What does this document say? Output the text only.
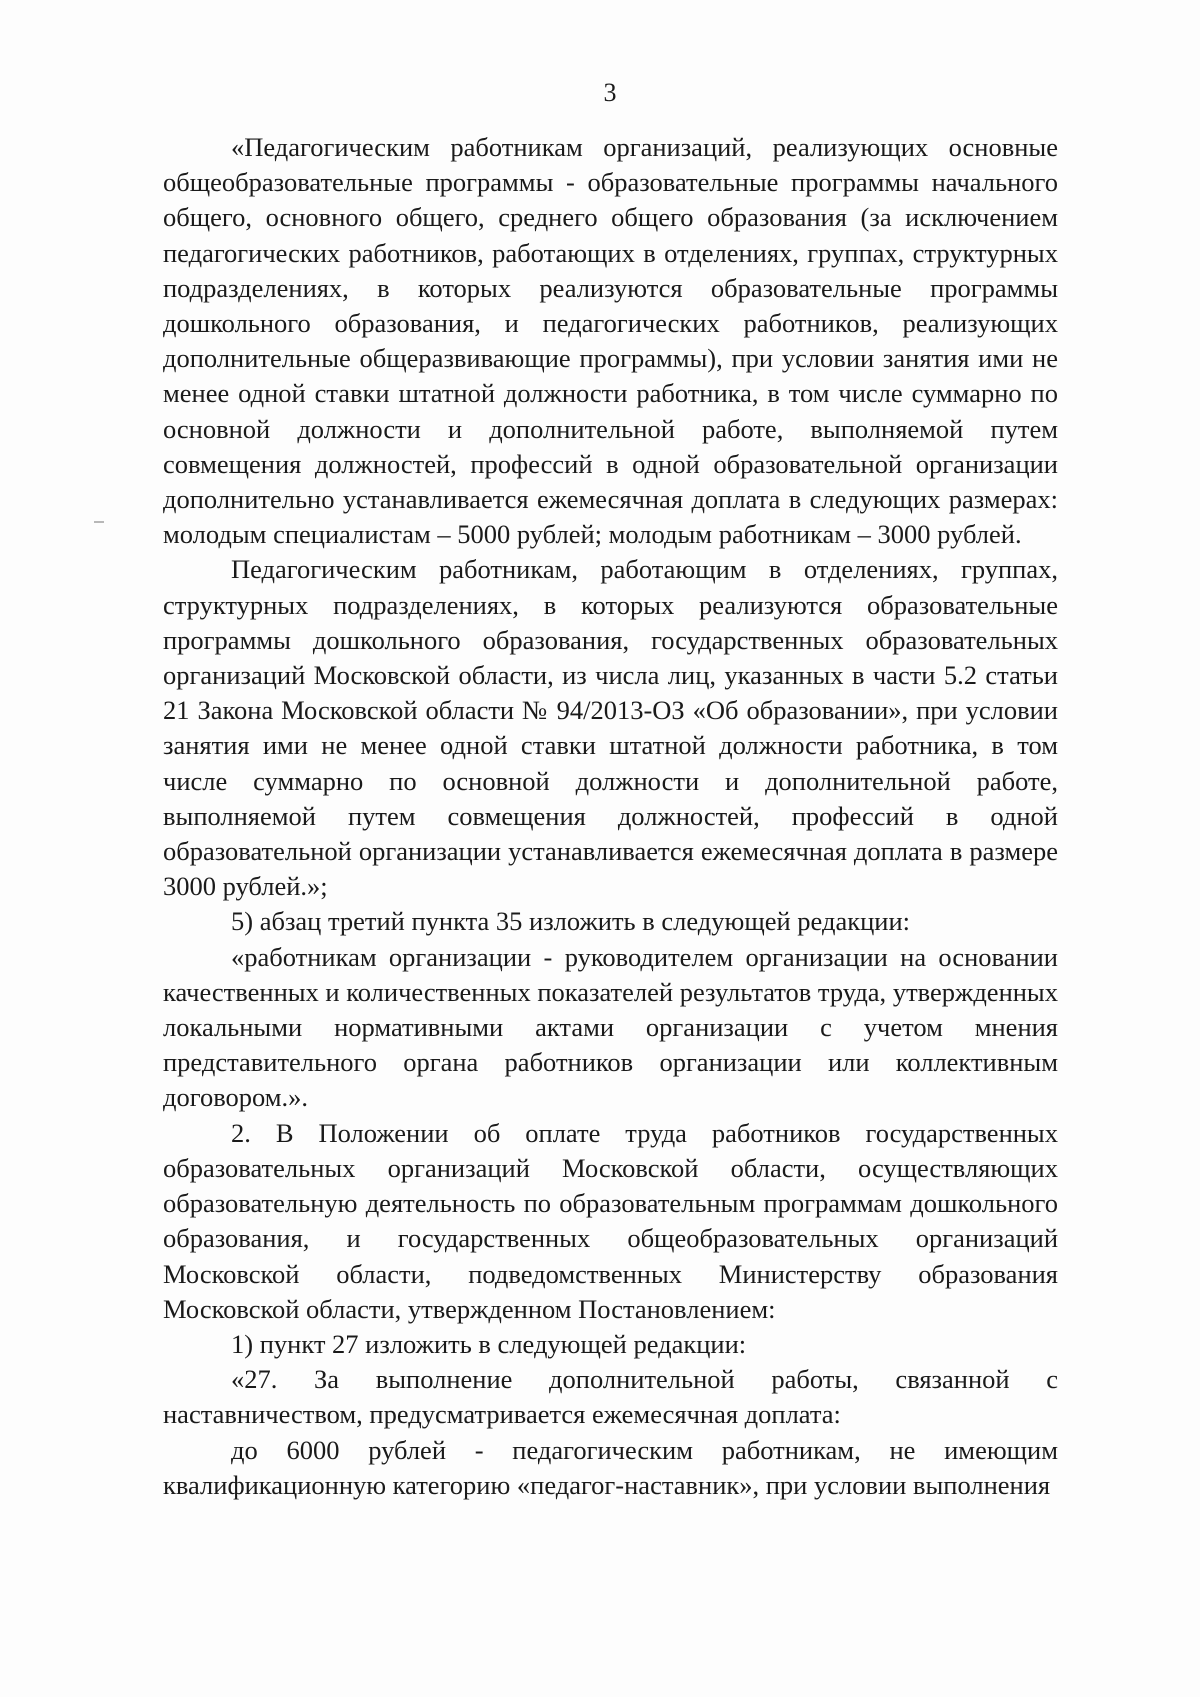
3

«Педагогическим работникам организаций, реализующих основные общеобразовательные программы - образовательные программы начального общего, основного общего, среднего общего образования (за исключением педагогических работников, работающих в отделениях, группах, структурных подразделениях, в которых реализуются образовательные программы дошкольного образования, и педагогических работников, реализующих дополнительные общеразвивающие программы), при условии занятия ими не менее одной ставки штатной должности работника, в том числе суммарно по основной должности и дополнительной работе, выполняемой путем совмещения должностей, профессий в одной образовательной организации дополнительно устанавливается ежемесячная доплата в следующих размерах: молодым специалистам – 5000 рублей; молодым работникам – 3000 рублей.

Педагогическим работникам, работающим в отделениях, группах, структурных подразделениях, в которых реализуются образовательные программы дошкольного образования, государственных образовательных организаций Московской области, из числа лиц, указанных в части 5.2 статьи 21 Закона Московской области № 94/2013-ОЗ «Об образовании», при условии занятия ими не менее одной ставки штатной должности работника, в том числе суммарно по основной должности и дополнительной работе, выполняемой путем совмещения должностей, профессий в одной образовательной организации устанавливается ежемесячная доплата в размере 3000 рублей.»;

5) абзац третий пункта 35 изложить в следующей редакции:

«работникам организации - руководителем организации на основании качественных и количественных показателей результатов труда, утвержденных локальными нормативными актами организации с учетом мнения представительного органа работников организации или коллективным договором.».

2. В Положении об оплате труда работников государственных образовательных организаций Московской области, осуществляющих образовательную деятельность по образовательным программам дошкольного образования, и государственных общеобразовательных организаций Московской области, подведомственных Министерству образования Московской области, утвержденном Постановлением:

1) пункт 27 изложить в следующей редакции:

«27. За выполнение дополнительной работы, связанной с наставничеством, предусматривается ежемесячная доплата:

до 6000 рублей - педагогическим работникам, не имеющим квалификационную категорию «педагог-наставник», при условии выполнения
